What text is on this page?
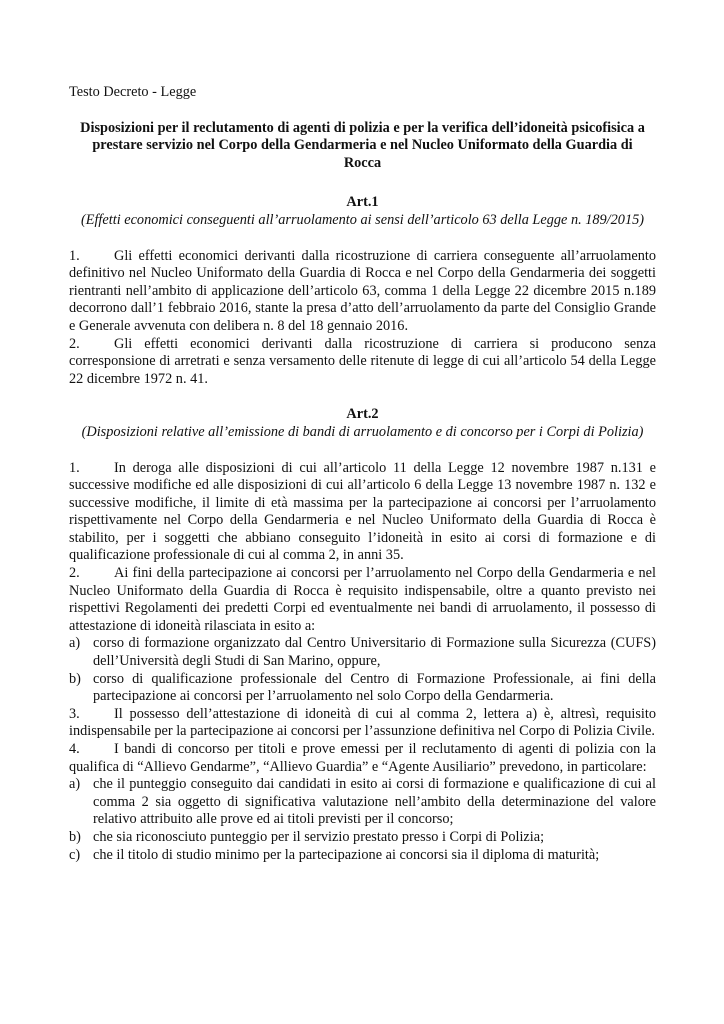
Testo Decreto - Legge

Disposizioni per il reclutamento di agenti di polizia e per la verifica dell’idoneità psicofisica a prestare servizio nel Corpo della Gendarmeria e nel Nucleo Uniformato della Guardia di Rocca

Art.1

(Effetti economici conseguenti all’arruolamento ai sensi dell’articolo 63 della Legge n. 189/2015)

1. Gli effetti economici derivanti dalla ricostruzione di carriera conseguente all’arruolamento definitivo nel Nucleo Uniformato della Guardia di Rocca e nel Corpo della Gendarmeria dei soggetti rientranti nell’ambito di applicazione dell’articolo 63, comma 1 della Legge 22 dicembre 2015 n.189 decorrono dall’1 febbraio 2016, stante la presa d’atto dell’arruolamento da parte del Consiglio Grande e Generale avvenuta con delibera n. 8 del 18 gennaio 2016.

2. Gli effetti economici derivanti dalla ricostruzione di carriera si producono senza corresponsione di arretrati e senza versamento delle ritenute di legge di cui all’articolo 54 della Legge 22 dicembre 1972 n. 41.

Art.2

(Disposizioni relative all’emissione di bandi di arruolamento e di concorso per i Corpi di Polizia)

1. In deroga alle disposizioni di cui all’articolo 11 della Legge 12 novembre 1987 n.131 e successive modifiche ed alle disposizioni di cui all’articolo 6 della Legge 13 novembre 1987 n. 132 e successive modifiche, il limite di età massima per la partecipazione ai concorsi per l’arruolamento rispettivamente nel Corpo della Gendarmeria e nel Nucleo Uniformato della Guardia di Rocca è stabilito, per i soggetti che abbiano conseguito l’idoneità in esito ai corsi di formazione e di qualificazione professionale di cui al comma 2, in anni 35.

2. Ai fini della partecipazione ai concorsi per l’arruolamento nel Corpo della Gendarmeria e nel Nucleo Uniformato della Guardia di Rocca è requisito indispensabile, oltre a quanto previsto nei rispettivi Regolamenti dei predetti Corpi ed eventualmente nei bandi di arruolamento, il possesso di attestazione di idoneità rilasciata in esito a:

a) corso di formazione organizzato dal Centro Universitario di Formazione sulla Sicurezza (CUFS) dell’Università degli Studi di San Marino, oppure,
b) corso di qualificazione professionale del Centro di Formazione Professionale, ai fini della partecipazione ai concorsi per l’arruolamento nel solo Corpo della Gendarmeria.

3. Il possesso dell’attestazione di idoneità di cui al comma 2, lettera a) è, altresì, requisito indispensabile per la partecipazione ai concorsi per l’assunzione definitiva nel Corpo di Polizia Civile.

4. I bandi di concorso per titoli e prove emessi per il reclutamento di agenti di polizia con la qualifica di “Allievo Gendarme”, “Allievo Guardia” e “Agente Ausiliario” prevedono, in particolare:

a) che il punteggio conseguito dai candidati in esito ai corsi di formazione e qualificazione di cui al comma 2 sia oggetto di significativa valutazione nell’ambito della determinazione del valore relativo attribuito alle prove ed ai titoli previsti per il concorso;
b) che sia riconosciuto punteggio per il servizio prestato presso i Corpi di Polizia;
c) che il titolo di studio minimo per la partecipazione ai concorsi sia il diploma di maturità;
